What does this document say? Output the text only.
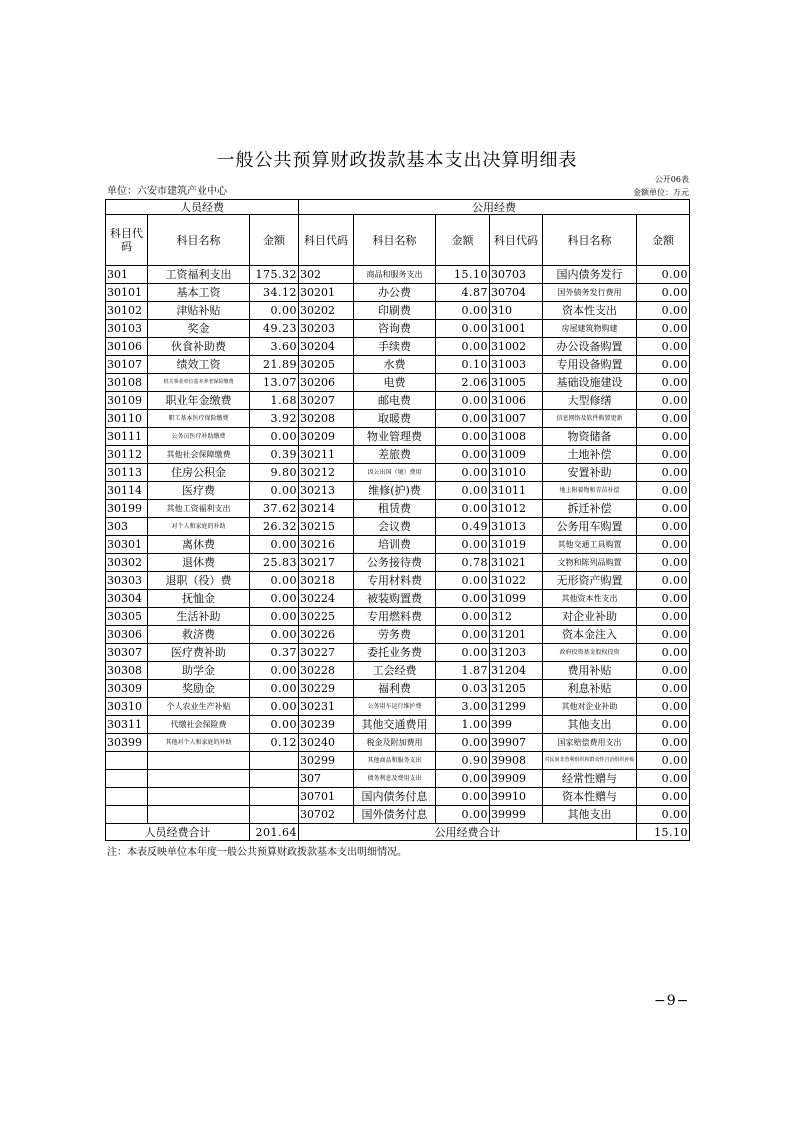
一般公共预算财政拨款基本支出决算明细表
公开06表
单位：六安市建筑产业中心	金额单位：万元
人员经费			公用经费					
科目代码	科目名称	金额	科目代码	科目名称	金额	科目代码	科目名称	金额
301	工资福利支出	175.32	302	商品和服务支出	15.10	30703	国内债务发行	0.00
30101	基本工资	34.12	30201	办公费	4.87	30704	国外债务发行费用	0.00
30102	津贴补贴	0.00	30202	印刷费	0.00	310	资本性支出	0.00
30103	奖金	49.23	30203	咨询费	0.00	31001	房屋建筑物购建	0.00
30106	伙食补助费	3.60	30204	手续费	0.00	31002	办公设备购置	0.00
30107	绩效工资	21.89	30205	水费	0.10	31003	专用设备购置	0.00
30108	机关事业单位基本养老保险缴费	13.07	30206	电费	2.06	31005	基础设施建设	0.00
30109	职业年金缴费	1.68	30207	邮电费	0.00	31006	大型修缮	0.00
30110	职工基本医疗保险缴费	3.92	30208	取暖费	0.00	31007	信息网络及软件购置更新	0.00
30111	公务员医疗补助缴费	0.00	30209	物业管理费	0.00	31008	物资储备	0.00
30112	其他社会保障缴费	0.39	30211	差旅费	0.00	31009	土地补偿	0.00
30113	住房公积金	9.80	30212	因公出国（境）费用	0.00	31010	安置补助	0.00
30114	医疗费	0.00	30213	维修(护)费	0.00	31011	地上附着物和青苗补偿	0.00
30199	其他工资福利支出	37.62	30214	租赁费	0.00	31012	拆迁补偿	0.00
303	对个人和家庭的补助	26.32	30215	会议费	0.49	31013	公务用车购置	0.00
30301	离休费	0.00	30216	培训费	0.00	31019	其他交通工具购置	0.00
30302	退休费	25.83	30217	公务接待费	0.78	31021	文物和陈列品购置	0.00
30303	退职（役）费	0.00	30218	专用材料费	0.00	31022	无形资产购置	0.00
30304	抚恤金	0.00	30224	被装购置费	0.00	31099	其他资本性支出	0.00
30305	生活补助	0.00	30225	专用燃料费	0.00	312	对企业补助	0.00
30306	救济费	0.00	30226	劳务费	0.00	31201	资本金注入	0.00
30307	医疗费补助	0.37	30227	委托业务费	0.00	31203	政府投资基金股权投资	0.00
30308	助学金	0.00	30228	工会经费	1.87	31204	费用补贴	0.00
30309	奖励金	0.00	30229	福利费	0.03	31205	利息补贴	0.00
30310	个人农业生产补贴	0.00	30231	公务用车运行维护费	3.00	31299	其他对企业补助	0.00
30311	代缴社会保险费	0.00	30239	其他交通费用	1.00	399	其他支出	0.00
30399	其他对个人和家庭的补助	0.12	30240	税金及附加费用	0.00	39907	国家赔偿费用支出	0.00
			30299	其他商品和服务支出	0.90	39908	对民间非营利组织和群众性自治组织补贴	0.00
			307	债务利息及费用支出	0.00	39909	经常性赠与	0.00
			30701	国内债务付息	0.00	39910	资本性赠与	0.00
			30702	国外债务付息	0.00	39999	其他支出	0.00
人员经费合计		201.64	公用经费合计					15.10
注：本表反映单位本年度一般公共预算财政拨款基本支出明细情况。
−9−
